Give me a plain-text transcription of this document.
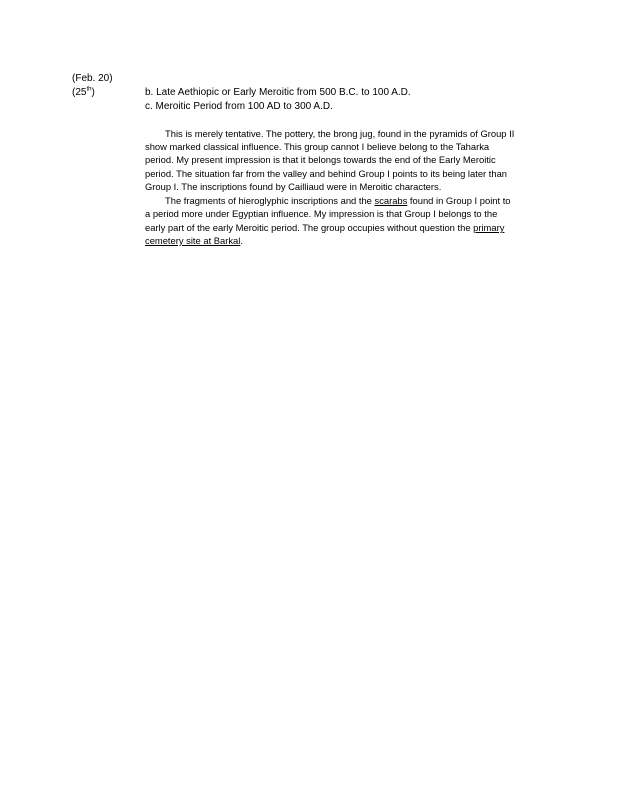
(Feb. 20)
(25th)	b. Late Aethiopic or Early Meroitic from 500 B.C. to 100 A.D.
c. Meroitic Period from 100 AD to 300 A.D.
This is merely tentative. The pottery, the brong jug, found in the pyramids of Group II
show marked classical influence. This group cannot I believe belong to the Taharka
period. My present impression is that it belongs towards the end of the Early Meroitic
period. The situation far from the valley and behind Group I points to its being later than
Group I. The inscriptions found by Cailliaud were in Meroitic characters.
The fragments of hieroglyphic inscriptions and the scarabs found in Group I point to
a period more under Egyptian influence. My impression is that Group I belongs to the
early part of the early Meroitic period. The group occupies without question the primary
cemetery site at Barkal.
